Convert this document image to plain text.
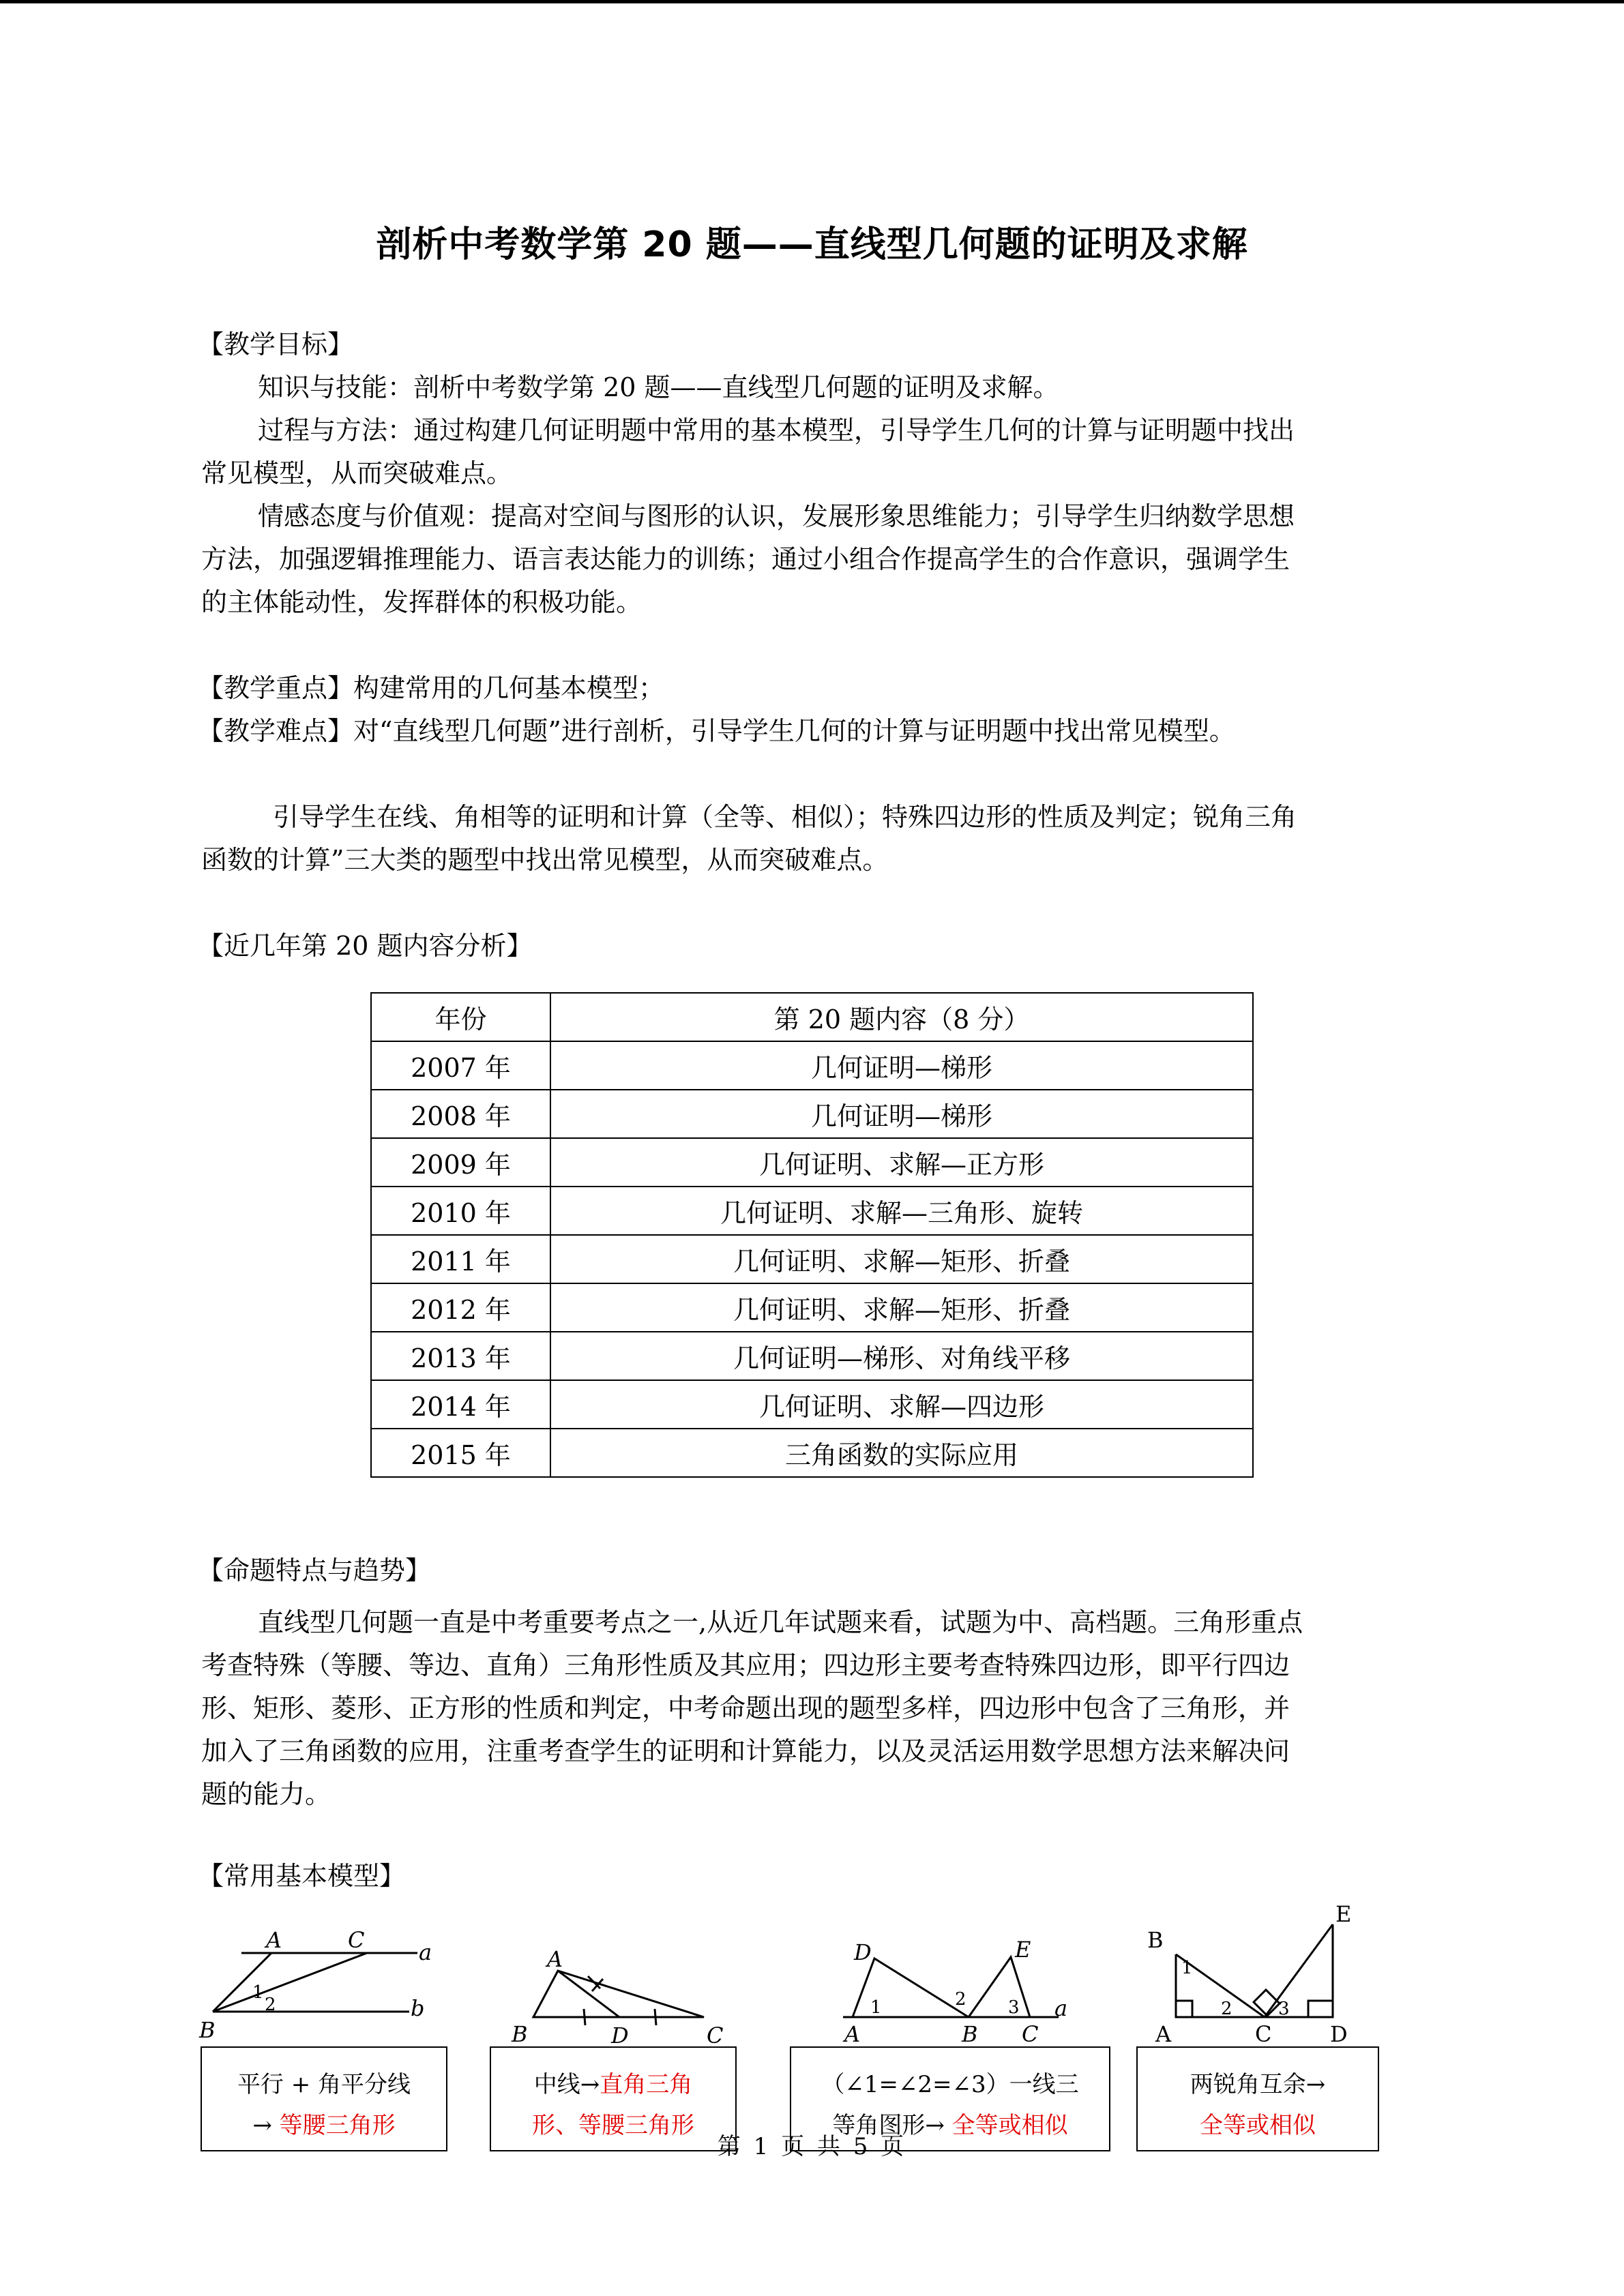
剖析中考数学第 20 题——直线型几何题的证明及求解
【教学目标】
知识与技能：剖析中考数学第 20 题——直线型几何题的证明及求解。
过程与方法：通过构建几何证明题中常用的基本模型，引导学生几何的计算与证明题中找出
常见模型，从而突破难点。
情感态度与价值观：提高对空间与图形的认识，发展形象思维能力；引导学生归纳数学思想
方法，加强逻辑推理能力、语言表达能力的训练；通过小组合作提高学生的合作意识，强调学生
的主体能动性，发挥群体的积极功能。
【教学重点】构建常用的几何基本模型；
【教学难点】对“直线型几何题”进行剖析，引导学生几何的计算与证明题中找出常见模型。
引导学生在线、角相等的证明和计算（全等、相似）；特殊四边形的性质及判定；锐角三角
函数的计算”三大类的题型中找出常见模型，从而突破难点。
【近几年第 20 题内容分析】
年份	第 20 题内容（8 分）
2007 年	几何证明—梯形
2008 年	几何证明—梯形
2009 年	几何证明、求解—正方形
2010 年	几何证明、求解—三角形、旋转
2011 年	几何证明、求解—矩形、折叠
2012 年	几何证明、求解—矩形、折叠
2013 年	几何证明—梯形、对角线平移
2014 年	几何证明、求解—四边形
2015 年	三角函数的实际应用
【命题特点与趋势】
直线型几何题一直是中考重要考点之一,从近几年试题来看，试题为中、高档题。三角形重点
考查特殊（等腰、等边、直角）三角形性质及其应用；四边形主要考查特殊四边形，即平行四边
形、矩形、菱形、正方形的性质和判定，中考命题出现的题型多样，四边形中包含了三角形，并
加入了三角函数的应用，注重考查学生的证明和计算能力，以及灵活运用数学思想方法来解决问
题的能力。
【常用基本模型】
A	C a
b
B
1
2
A
B	D	C
D	E
A	B C
a
1	2 3
B
E
A	C	D
1
2	3
平行 + 角平分线
→ 等腰三角形
中线→直角三角
形、等腰三角形
（∠1=∠2=∠3）一线三
等角图形→ 全等或相似
两锐角互余→
全等或相似
第 1 页 共 5 页
